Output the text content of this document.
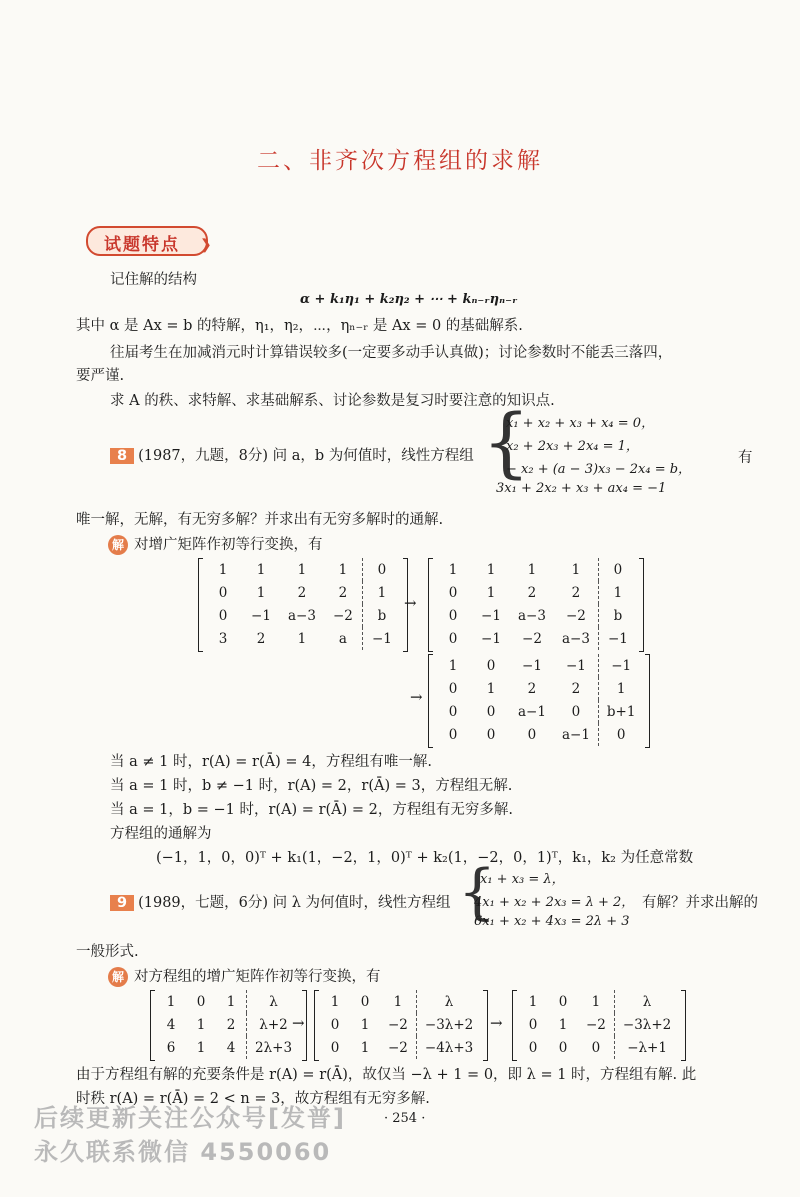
二、非齐次方程组的求解
试题特点 ❯
记住解的结构
α + k₁η₁ + k₂η₂ + ⋯ + kₙ₋ᵣηₙ₋ᵣ
其中 α 是 Ax = b 的特解，η₁，η₂，⋯，ηₙ₋ᵣ 是 Ax = 0 的基础解系.
往届考生在加减消元时计算错误较多(一定要多动手认真做)；讨论参数时不能丢三落四，
要严谨.
求 A 的秩、求特解、求基础解系、讨论参数是复习时要注意的知识点.
8 (1987，九题，8分) 问 a，b 为何值时，线性方程组 {
x₁ + x₂ + x₃ + x₄ = 0，
x₂ + 2x₃ + 2x₄ = 1，
− x₂ + (a − 3)x₃ − 2x₄ = b，
3x₁ + 2x₂ + x₃ + ax₄ = −1
有
唯一解，无解，有无穷多解？并求出有无穷多解时的通解.
解 对增广矩阵作初等行变换，有
1	1	1	1	0
0	1	2	2	1
0	−1	a−3	−2	b
3	2	1	a	−1
→
1	1	1	1	0
0	1	2	2	1
0	−1	a−3	−2	b
0	−1	−2	a−3	−1
→
1	0	−1	−1	−1
0	1	2	2	1
0	0	a−1	0	b+1
0	0	0	a−1	0
当 a ≠ 1 时，r(A) = r(Ā) = 4，方程组有唯一解.
当 a = 1 时，b ≠ −1 时，r(A) = 2，r(Ā) = 3，方程组无解.
当 a = 1，b = −1 时，r(A) = r(Ā) = 2，方程组有无穷多解.
方程组的通解为
(−1，1，0，0)ᵀ + k₁(1，−2，1，0)ᵀ + k₂(1，−2，0，1)ᵀ，k₁，k₂ 为任意常数
9 (1989，七题，6分) 问 λ 为何值时，线性方程组 {
x₁ + x₃ = λ，
4x₁ + x₂ + 2x₃ = λ + 2，
6x₁ + x₂ + 4x₃ = 2λ + 3
有解？并求出解的
一般形式.
解 对方程组的增广矩阵作初等行变换，有
1	0	1	λ
4	1	2	λ+2
6	1	4	2λ+3
→
1	0	1	λ
0	1	−2	−3λ+2
0	1	−2	−4λ+3
→
1	0	1	λ
0	1	−2	−3λ+2
0	0	0	−λ+1
由于方程组有解的充要条件是 r(A) = r(Ā)，故仅当 −λ + 1 = 0，即 λ = 1 时，方程组有解. 此
时秩 r(A) = r(Ā) = 2 < n = 3，故方程组有无穷多解.
· 254 ·
后续更新关注公众号[发普]
永久联系微信 4550060
